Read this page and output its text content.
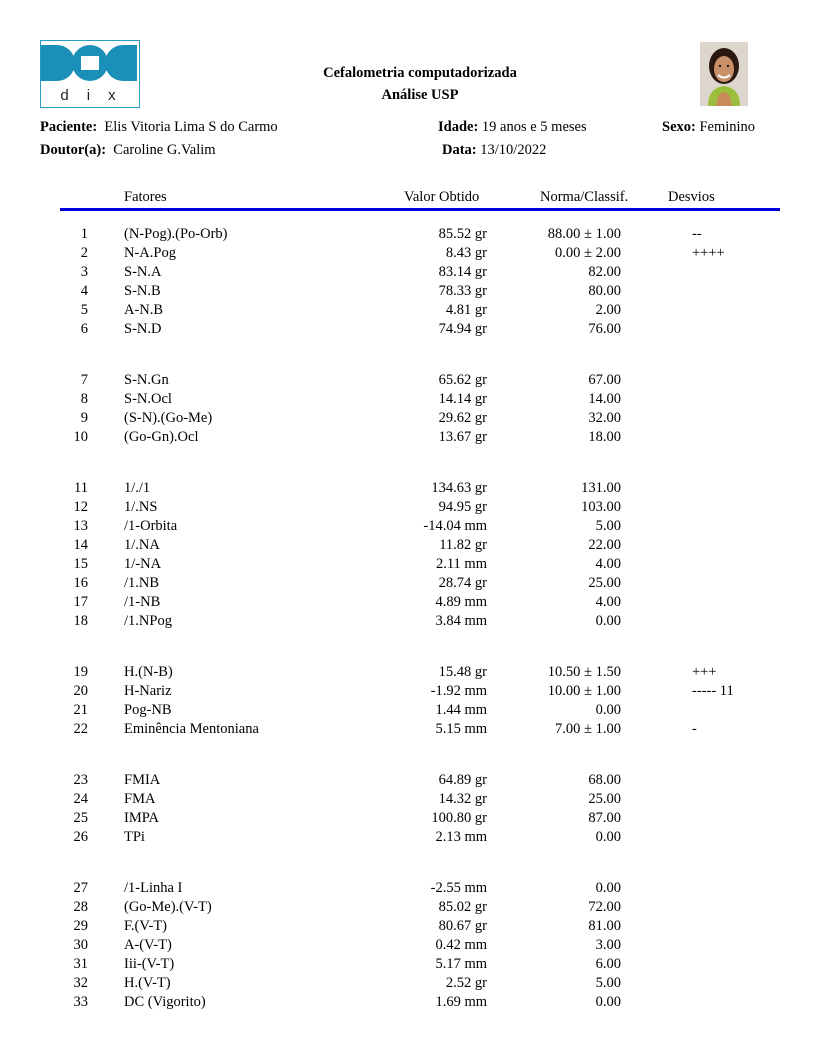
dix
Cefalometria computadorizada
Análise USP
Paciente: Elis Vitoria Lima S do Carmo	Idade: 19 anos e 5 meses	Sexo: Feminino
Doutor(a): Caroline G.Valim	Data: 13/10/2022
Fatores	Valor Obtido	Norma/Classif.	Desvios
1 (N-Pog).(Po-Orb)	85.52 gr	88.00 ± 1.00	--
2 N-A.Pog	8.43 gr	0.00 ± 2.00	++++
3 S-N.A	83.14 gr	82.00
4 S-N.B	78.33 gr	80.00
5 A-N.B	4.81 gr	2.00
6 S-N.D	74.94 gr	76.00
7 S-N.Gn	65.62 gr	67.00
8 S-N.Ocl	14.14 gr	14.00
9 (S-N).(Go-Me)	29.62 gr	32.00
10 (Go-Gn).Ocl	13.67 gr	18.00
11 1/./1	134.63 gr	131.00
12 1/.NS	94.95 gr	103.00
13 /1-Orbita	-14.04 mm	5.00
14 1/.NA	11.82 gr	22.00
15 1/-NA	2.11 mm	4.00
16 /1.NB	28.74 gr	25.00
17 /1-NB	4.89 mm	4.00
18 /1.NPog	3.84 mm	0.00
19 H.(N-B)	15.48 gr	10.50 ± 1.50	+++
20 H-Nariz	-1.92 mm	10.00 ± 1.00	----- 11
21 Pog-NB	1.44 mm	0.00
22 Eminência Mentoniana	5.15 mm	7.00 ± 1.00	-
23 FMIA	64.89 gr	68.00
24 FMA	14.32 gr	25.00
25 IMPA	100.80 gr	87.00
26 TPi	2.13 mm	0.00
27 /1-Linha I	-2.55 mm	0.00
28 (Go-Me).(V-T)	85.02 gr	72.00
29 F.(V-T)	80.67 gr	81.00
30 A-(V-T)	0.42 mm	3.00
31 Iii-(V-T)	5.17 mm	6.00
32 H.(V-T)	2.52 gr	5.00
33 DC (Vigorito)	1.69 mm	0.00
